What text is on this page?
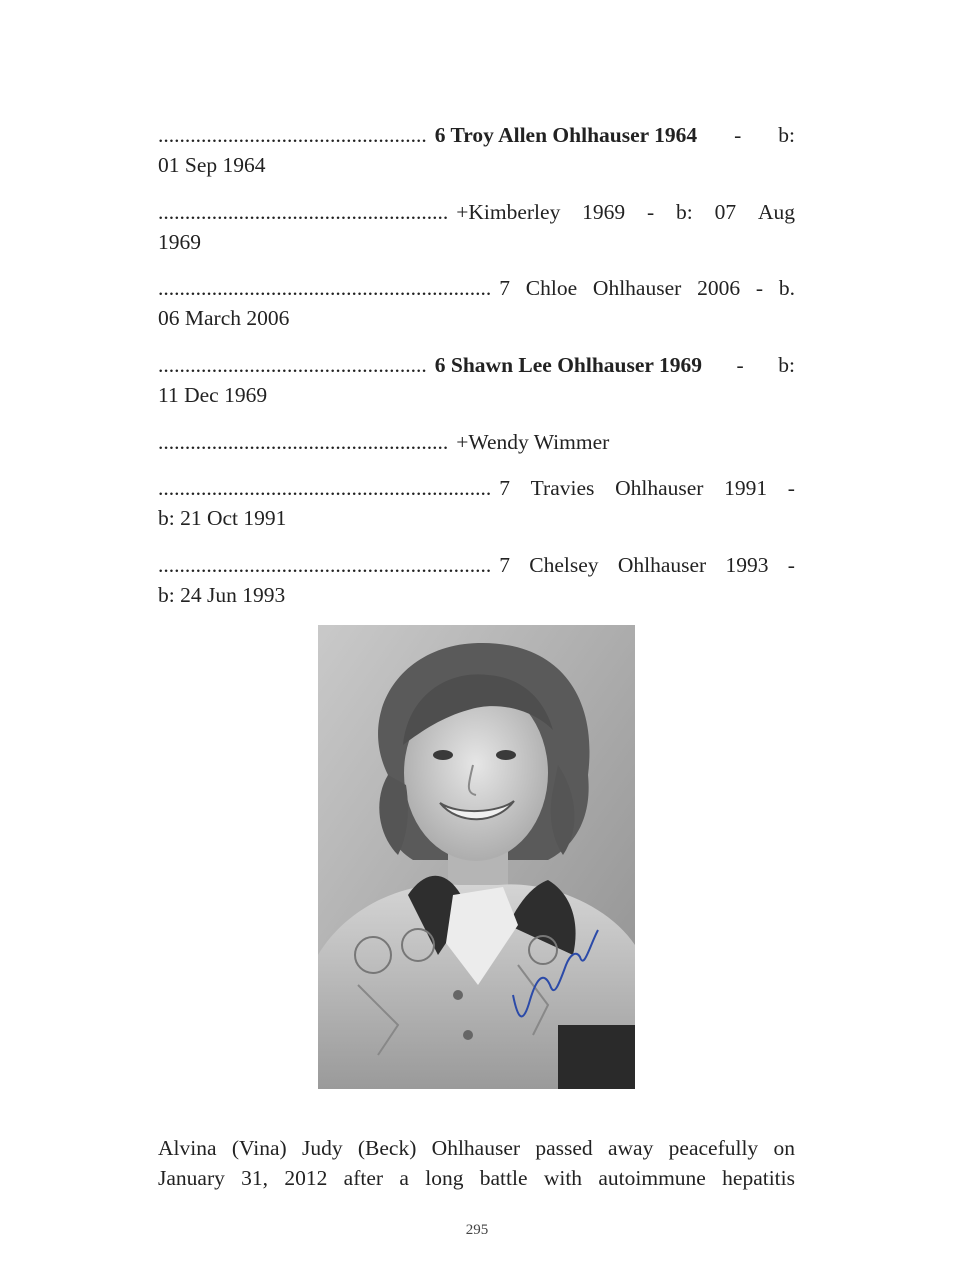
.................................................. 6 Troy Allen Ohlhauser 1964 - b:
01 Sep 1964
...................................................... +Kimberley 1969 - b: 07 Aug
1969
.............................................................. 7 Chloe Ohlhauser 2006 - b.
06 March 2006
.................................................. 6 Shawn Lee Ohlhauser 1969 - b:
11 Dec 1969
...................................................... +Wendy Wimmer
.............................................................. 7 Travies Ohlhauser 1991 -
b: 21 Oct 1991
.............................................................. 7 Chelsey Ohlhauser 1993 -
b: 24 Jun 1993
Alvina (Vina) Judy (Beck) Ohlhauser passed away peacefully on
January 31, 2012 after a long battle with autoimmune hepatitis
295
